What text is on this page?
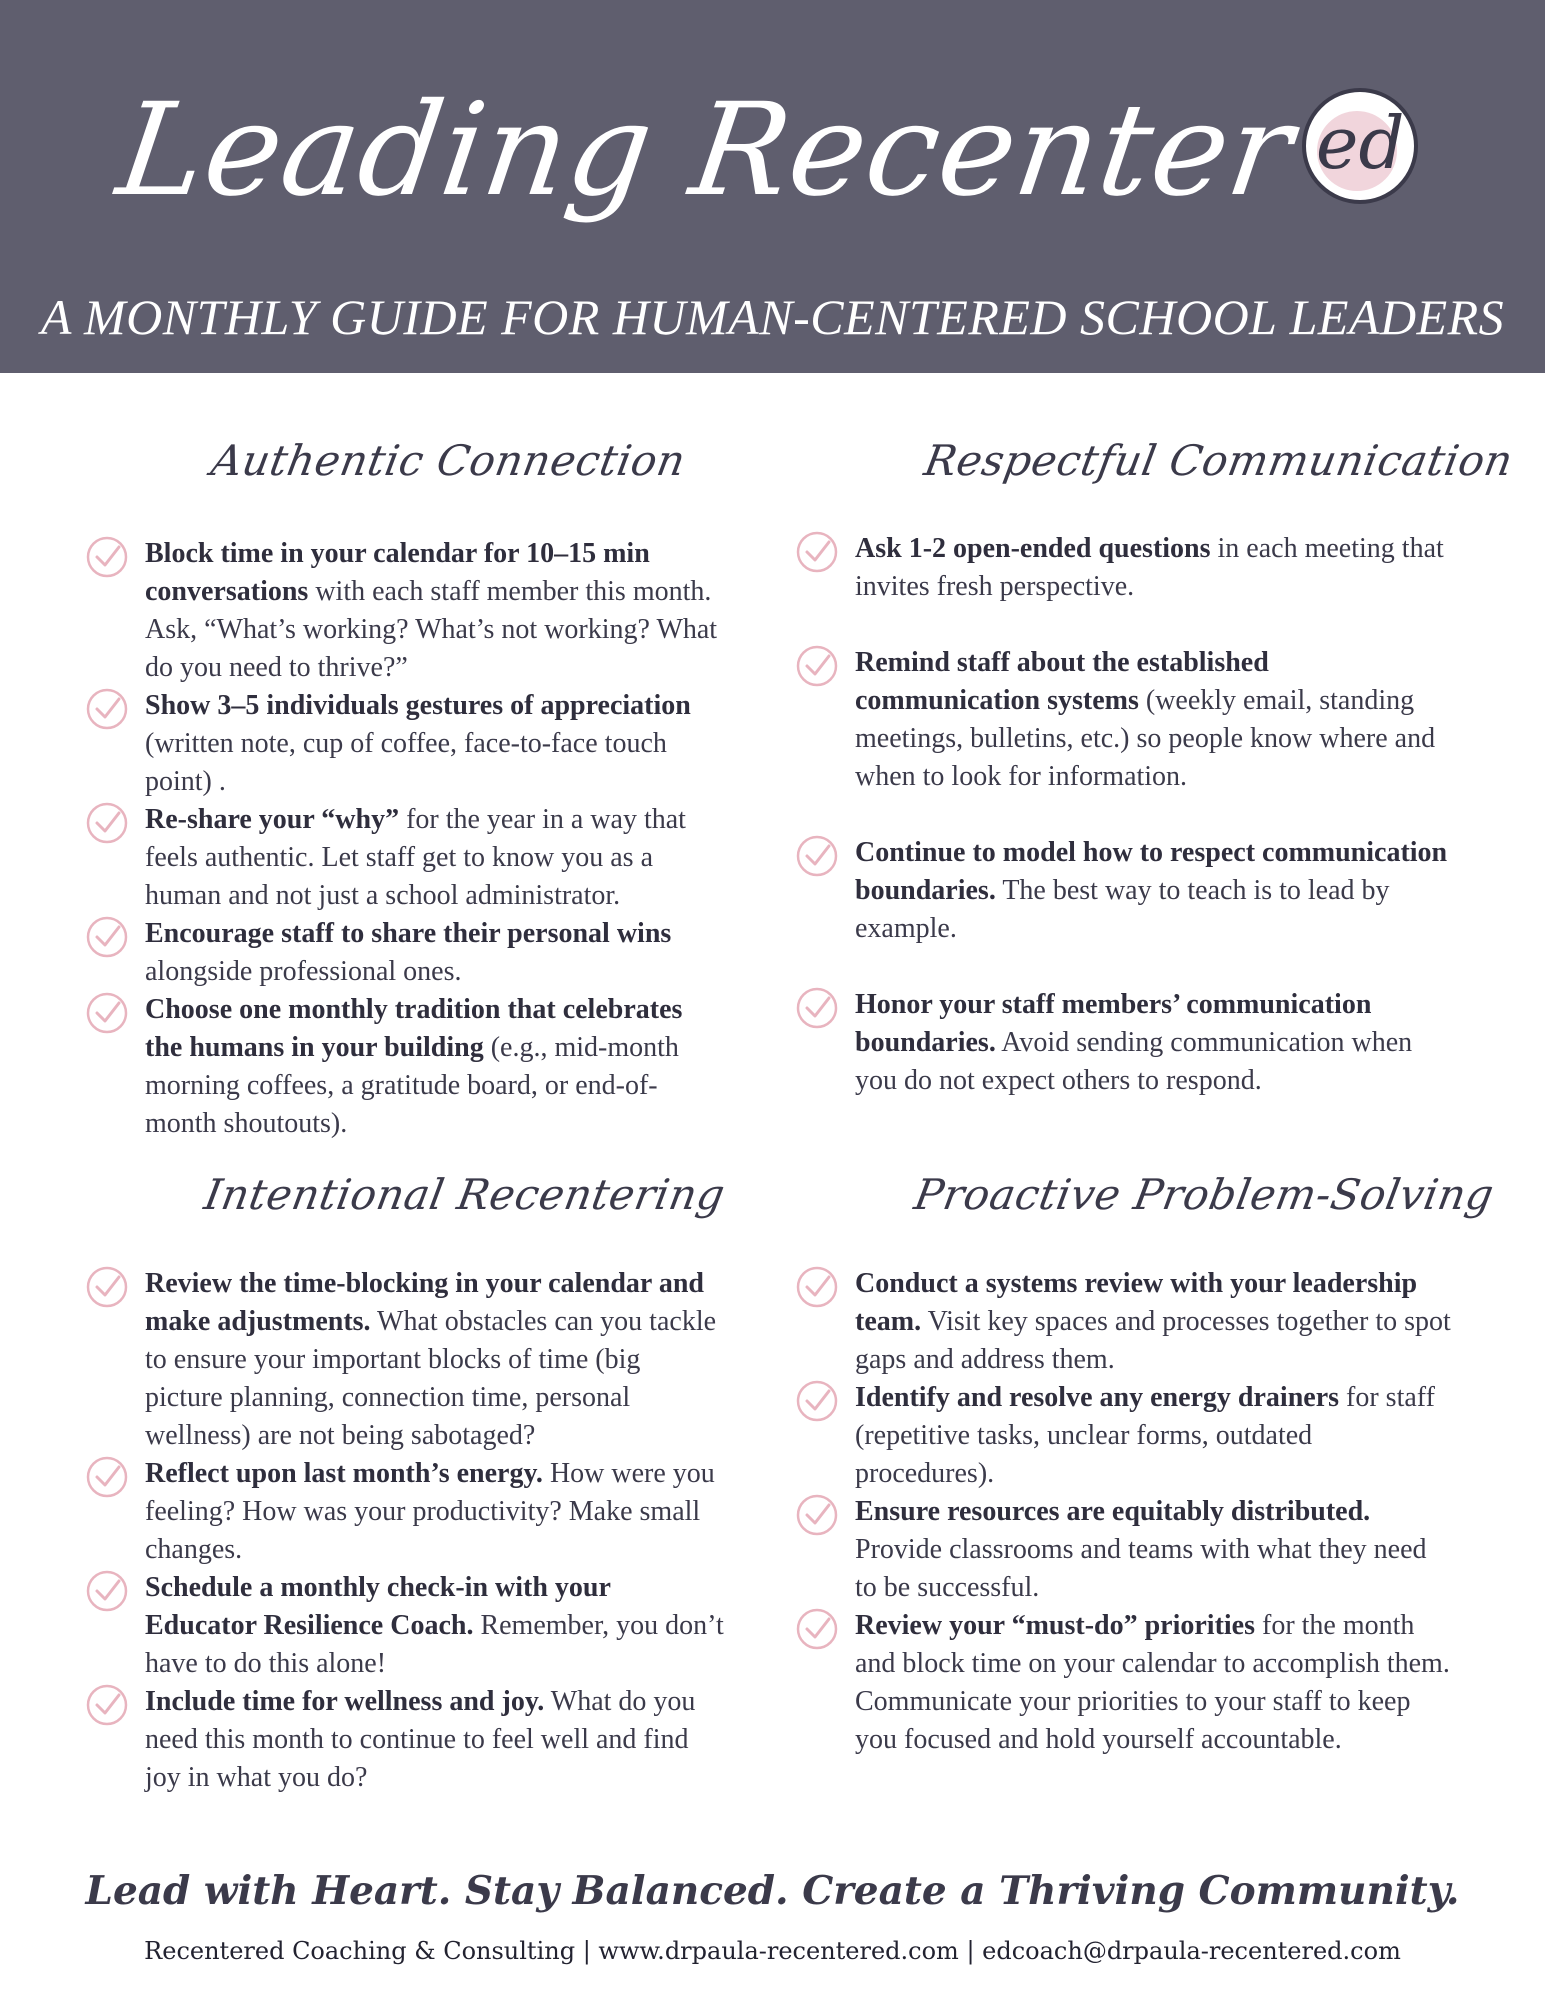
Leading Recenter ed
A MONTHLY GUIDE FOR HUMAN-CENTERED SCHOOL LEADERS
Authentic Connection
Block time in your calendar for 10–15 min conversations with each staff member this month. Ask, “What’s working? What’s not working? What do you need to thrive?”
Show 3–5 individuals gestures of appreciation (written note, cup of coffee, face-to-face touch point) .
Re-share your “why” for the year in a way that feels authentic. Let staff get to know you as a human and not just a school administrator.
Encourage staff to share their personal wins alongside professional ones.
Choose one monthly tradition that celebrates the humans in your building (e.g., mid-month morning coffees, a gratitude board, or end-of-month shoutouts).
Respectful Communication
Ask 1-2 open-ended questions in each meeting that invites fresh perspective.
Remind staff about the established communication systems (weekly email, standing meetings, bulletins, etc.) so people know where and when to look for information.
Continue to model how to respect communication boundaries. The best way to teach is to lead by example.
Honor your staff members’ communication boundaries. Avoid sending communication when you do not expect others to respond.
Intentional Recentering
Review the time-blocking in your calendar and make adjustments. What obstacles can you tackle to ensure your important blocks of time (big picture planning, connection time, personal wellness) are not being sabotaged?
Reflect upon last month’s energy. How were you feeling? How was your productivity? Make small changes.
Schedule a monthly check-in with your Educator Resilience Coach. Remember, you don’t have to do this alone!
Include time for wellness and joy. What do you need this month to continue to feel well and find joy in what you do?
Proactive Problem-Solving
Conduct a systems review with your leadership team. Visit key spaces and processes together to spot gaps and address them.
Identify and resolve any energy drainers for staff (repetitive tasks, unclear forms, outdated procedures).
Ensure resources are equitably distributed. Provide classrooms and teams with what they need to be successful.
Review your “must-do” priorities for the month and block time on your calendar to accomplish them. Communicate your priorities to your staff to keep you focused and hold yourself accountable.
Lead with Heart. Stay Balanced. Create a Thriving Community.
Recentered Coaching & Consulting | www.drpaula-recentered.com | edcoach@drpaula-recentered.com
